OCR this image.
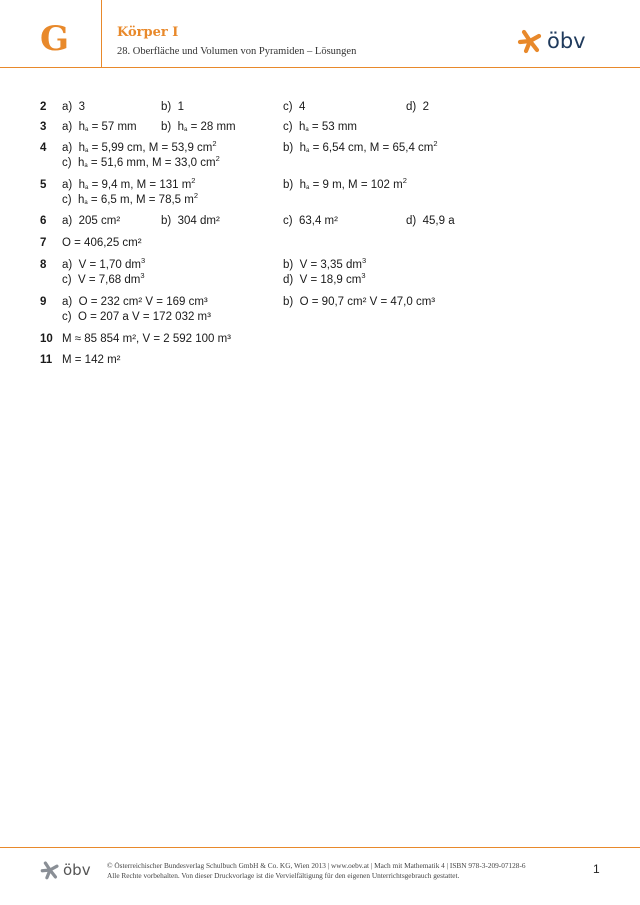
G	Körper I
28. Oberfläche und Volumen von Pyramiden – Lösungen	öbv
2	a) 3	b) 1	c) 4	d) 2
3	a) $h_a = 57$ mm b) $h_a = 28$ mm	c) $h_a = 53$ mm
4	a) $h_a = 5,99$ cm, M = 53,9 $cm^2$	b) $h_a = 6,54$ cm, M = 65,4 $cm^2$
c) $h_a = 51,6$ mm, M = 33,0 $cm^2$
5	a) $h_a = 9,4$ m, M = 131 $m^2$	b) $h_a = 9$ m, M = 102 $m^2$
c) $h_a = 6,5$ m, M = 78,5 $m^2$
6	a) 205 cm²	b) 304 dm²	c) 63,4 m²	d) 45,9 a
7	O = 406,25 cm²
8	a) V = 1,70 $dm^3$	b) V = 3,35 $dm^3$
c) V = 7,68 $dm^3$	d) V = 18,9 $cm^3$
9	a) O = 232 cm² V = 169 cm³	b) O = 90,7 cm² V = 47,0 cm³
c) O = 207 a V = 172 032 m³
10 M ≈ 85 854 m², V = 2 592 100 m³
11 M = 142 m²
öbv © Österreichischer Bundesverlag Schulbuch GmbH & Co. KG, Wien 2013 | www.oebv.at | Mach mit Mathematik 4 | ISBN 978-3-209-07128-6
Alle Rechte vorbehalten. Von dieser Druckvorlage ist die Vervielfältigung für den eigenen Unterrichtsgebrauch gestattet.	1
